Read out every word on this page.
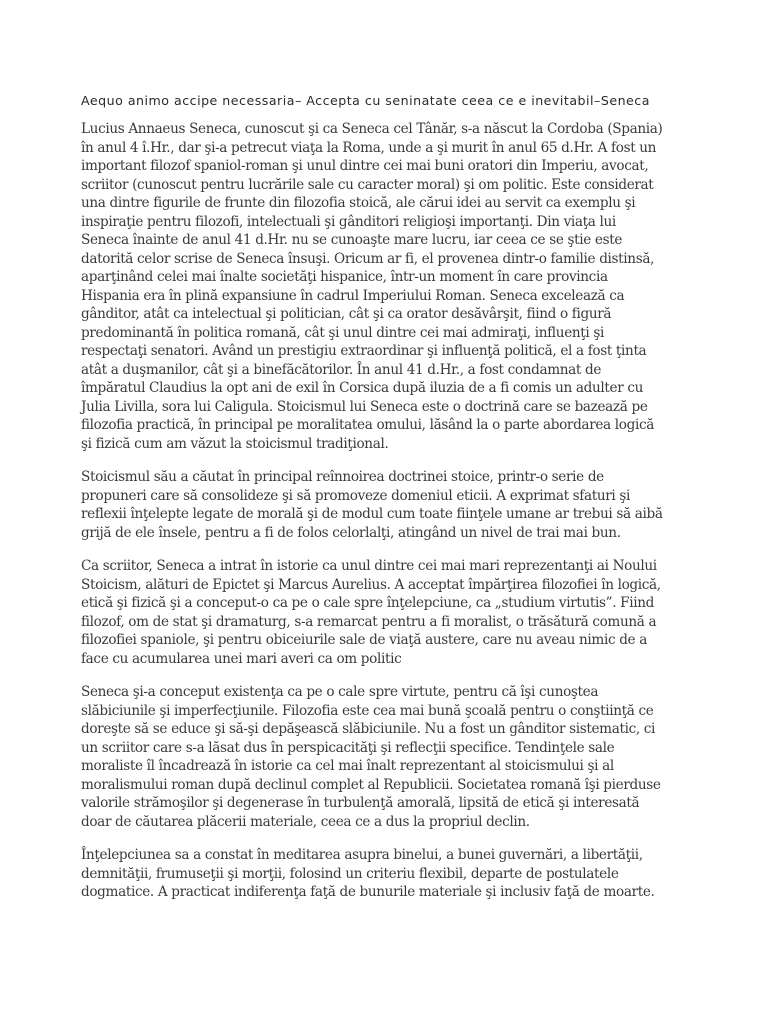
Aequo animo accipe necessaria– Accepta cu seninatate ceea ce e inevitabil–Seneca

Lucius Annaeus Seneca, cunoscut şi ca Seneca cel Tânăr, s-a născut la Cordoba (Spania)
în anul 4 î.Hr., dar şi-a petrecut viaţa la Roma, unde a şi murit în anul 65 d.Hr. A fost un
important filozof spaniol-roman şi unul dintre cei mai buni oratori din Imperiu, avocat,
scriitor (cunoscut pentru lucrările sale cu caracter moral) şi om politic. Este considerat
una dintre figurile de frunte din filozofia stoică, ale cărui idei au servit ca exemplu şi
inspiraţie pentru filozofi, intelectuali şi gânditori religioşi importanţi. Din viaţa lui
Seneca înainte de anul 41 d.Hr. nu se cunoaşte mare lucru, iar ceea ce se ştie este
datorită celor scrise de Seneca însuşi. Oricum ar fi, el provenea dintr-o familie distinsă,
aparţinând celei mai înalte societăţi hispanice, într-un moment în care provincia
Hispania era în plină expansiune în cadrul Imperiului Roman. Seneca excelează ca
gânditor, atât ca intelectual şi politician, cât şi ca orator desăvârşit, fiind o figură
predominantă în politica romană, cât şi unul dintre cei mai admiraţi, influenţi şi
respectaţi senatori. Având un prestigiu extraordinar şi influenţă politică, el a fost ţinta
atât a duşmanilor, cât şi a binefăcătorilor. În anul 41 d.Hr., a fost condamnat de
împăratul Claudius la opt ani de exil în Corsica după iluzia de a fi comis un adulter cu
Julia Livilla, sora lui Caligula. Stoicismul lui Seneca este o doctrină care se bazează pe
filozofia practică, în principal pe moralitatea omului, lăsând la o parte abordarea logică
şi fizică cum am văzut la stoicismul tradiţional.

Stoicismul său a căutat în principal reînnoirea doctrinei stoice, printr-o serie de
propuneri care să consolideze şi să promoveze domeniul eticii. A exprimat sfaturi şi
reflexii înţelepte legate de morală şi de modul cum toate fiinţele umane ar trebui să aibă
grijă de ele însele, pentru a fi de folos celorlalţi, atingând un nivel de trai mai bun.

Ca scriitor, Seneca a intrat în istorie ca unul dintre cei mai mari reprezentanţi ai Noului
Stoicism, alături de Epictet şi Marcus Aurelius. A acceptat împărţirea filozofiei în logică,
etică şi fizică şi a conceput-o ca pe o cale spre înţelepciune, ca „studium virtutis”. Fiind
filozof, om de stat şi dramaturg, s-a remarcat pentru a fi moralist, o trăsătură comună a
filozofiei spaniole, şi pentru obiceiurile sale de viaţă austere, care nu aveau nimic de a
face cu acumularea unei mari averi ca om politic

Seneca şi-a conceput existenţa ca pe o cale spre virtute, pentru că îşi cunoştea
slăbiciunile şi imperfecţiunile. Filozofia este cea mai bună şcoală pentru o conştiinţă ce
doreşte să se educe şi să-şi depăşească slăbiciunile. Nu a fost un gânditor sistematic, ci
un scriitor care s-a lăsat dus în perspicacităţi şi reflecţii specifice. Tendinţele sale
moraliste îl încadrează în istorie ca cel mai înalt reprezentant al stoicismului şi al
moralismului roman după declinul complet al Republicii. Societatea romană îşi pierduse
valorile strămoşilor şi degenerase în turbulenţă amorală, lipsită de etică şi interesată
doar de căutarea plăcerii materiale, ceea ce a dus la propriul declin.

Înţelepciunea sa a constat în meditarea asupra binelui, a bunei guvernări, a libertăţii,
demnităţii, frumuseţii şi morţii, folosind un criteriu flexibil, departe de postulatele
dogmatice. A practicat indiferenţa faţă de bunurile materiale şi inclusiv faţă de moarte.
